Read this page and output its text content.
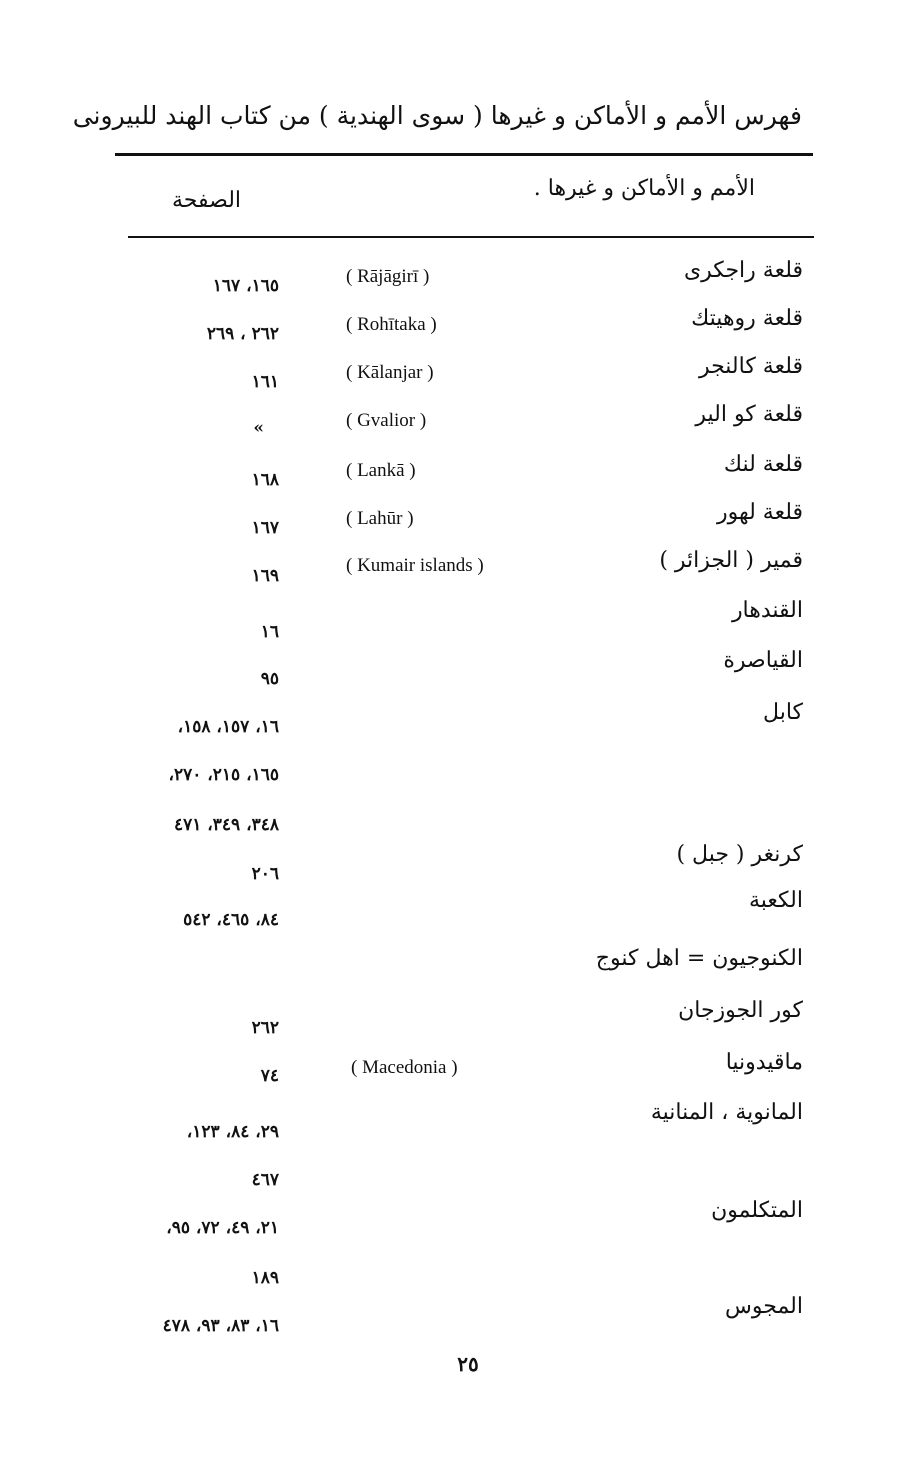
فهرس الأمم و الأماكن و غيرها ( سوى الهندية ) من كتاب الهند للبيرونى
الأمم و الأماكن و غيرها .
الصفحة
قلعة راجكرى
( Rājāgirī )
١٦٥، ١٦٧
قلعة روهيتك
( Rohītaka )
٢٦٢ ، ٢٦٩
قلعة كالنجر
( Kālanjar )
١٦١
قلعة كو الير
( Gvalior )
»
قلعة لنك
( Lankā )
١٦٨
قلعة لهور
( Lahūr )
١٦٧
قمير ( الجزائر )
( Kumair islands )
١٦٩
القندهار
١٦
القياصرة
٩٥
كابل
١٦، ١٥٧، ١٥٨،
١٦٥، ٢١٥، ٢٧٠،
٣٤٨، ٣٤٩، ٤٧١
كرنغر ( جبل )
٢٠٦
الكعبة
٨٤، ٤٦٥، ٥٤٢
الكنوجيون = اهل كنوج
كور الجوزجان
٢٦٢
ماقيدونيا
( Macedonia )
٧٤
المانوية ، المنانية
٢٩، ٨٤، ١٢٣،
٤٦٧
المتكلمون
٢١، ٤٩، ٧٢، ٩٥،
١٨٩
المجوس
١٦، ٨٣، ٩٣، ٤٧٨
٢٥
